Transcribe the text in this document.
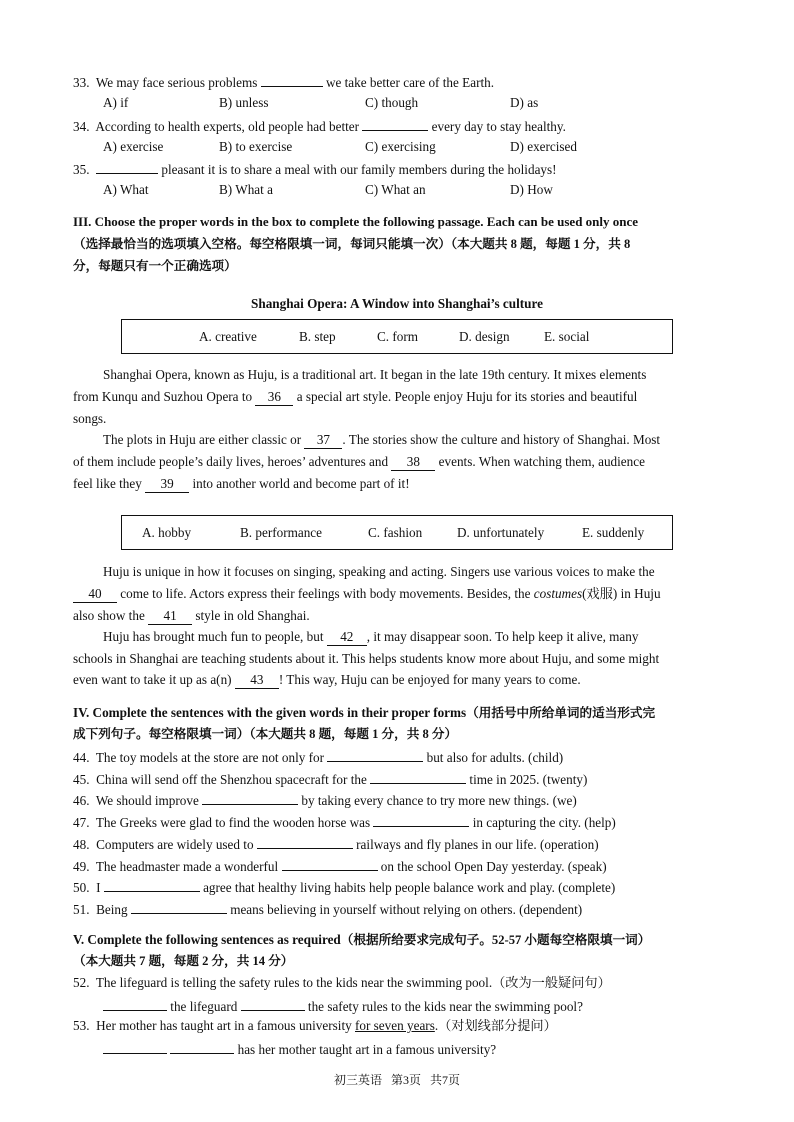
33. We may face serious problems	we take better care of the Earth.
A) if	B) unless	C) though	D) as
34. According to health experts, old people had better	every day to stay healthy.
A) exercise	B) to exercise	C) exercising	D) exercised
35.	pleasant it is to share a meal with our family members during the holidays!
A) What	B) What a	C) What an	D) How
III. Choose the proper words in the box to complete the following passage. Each can be used only once
（选择最恰当的选项填入空格。每空格限填一词，每词只能填一次）（本大题共 8 题，每题 1 分，共 8
分，每题只有一个正确选项）
Shanghai Opera: A Window into Shanghai’s culture
A. creative	B. step	C. form	D. design	E. social
Shanghai Opera, known as Huju, is a traditional art. It began in the late 19th century. It mixes elements
from Kunqu and Suzhou Opera to 36 a special art style. People enjoy Huju for its stories and beautiful
songs.
The plots in Huju are either classic or 37 . The stories show the culture and history of Shanghai. Most
of them include people’s daily lives, heroes’ adventures and 38 events. When watching them, audience
feel like they 39 into another world and become part of it!
A. hobby	B. performance	C. fashion	D. unfortunately	E. suddenly
Huju is unique in how it focuses on singing, speaking and acting. Singers use various voices to make the
40 come to life. Actors express their feelings with body movements. Besides, the costumes(戏服) in Huju
also show the 41 style in old Shanghai.
Huju has brought much fun to people, but 42 , it may disappear soon. To help keep it alive, many
schools in Shanghai are teaching students about it. This helps students know more about Huju, and some might
even want to take it up as a(n) 43 ! This way, Huju can be enjoyed for many years to come.
IV. Complete the sentences with the given words in their proper forms（用括号中所给单词的适当形式完
成下列句子。每空格限填一词）（本大题共 8 题，每题 1 分，共 8 分）
44. The toy models at the store are not only for	but also for adults. (child)
45. China will send off the Shenzhou spacecraft for the	time in 2025. (twenty)
46. We should improve	by taking every chance to try more new things. (we)
47. The Greeks were glad to find the wooden horse was	in capturing the city. (help)
48. Computers are widely used to	railways and fly planes in our life. (operation)
49. The headmaster made a wonderful	on the school Open Day yesterday. (speak)
50. I	agree that healthy living habits help people balance work and play. (complete)
51. Being	means believing in yourself without relying on others. (dependent)
V. Complete the following sentences as required（根据所给要求完成句子。52-57 小题每空格限填一词）
（本大题共 7 题，每题 2 分，共 14 分）
52. The lifeguard is telling the safety rules to the kids near the swimming pool.（改为一般疑问句）
the lifeguard	the safety rules to the kids near the swimming pool?
53. Her mother has taught art in a famous university for seven years.（对划线部分提问）
has her mother taught art in a famous university?
初三英语 第3页 共7页
